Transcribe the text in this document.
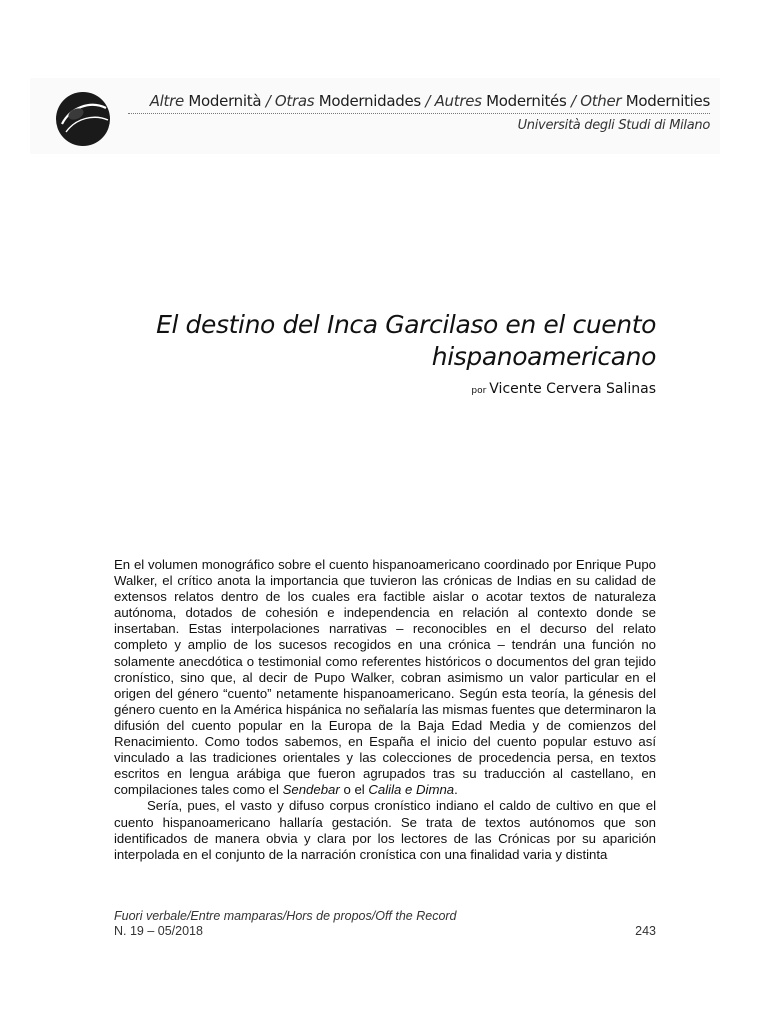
Altre Modernità / Otras Modernidades / Autres Modernités / Other Modernities
Università degli Studi di Milano
El destino del Inca Garcilaso en el cuento
hispanoamericano
por Vicente Cervera Salinas

En el volumen monográfico sobre el cuento hispanoamericano coordinado por Enrique Pupo Walker, el crítico anota la importancia que tuvieron las crónicas de Indias en su calidad de extensos relatos dentro de los cuales era factible aislar o acotar textos de naturaleza autónoma, dotados de cohesión e independencia en relación al contexto donde se insertaban. Estas interpolaciones narrativas – reconocibles en el decurso del relato completo y amplio de los sucesos recogidos en una crónica – tendrán una función no solamente anecdótica o testimonial como referentes históricos o documentos del gran tejido cronístico, sino que, al decir de Pupo Walker, cobran asimismo un valor particular en el origen del género “cuento” netamente hispanoamericano. Según esta teoría, la génesis del género cuento en la América hispánica no señalaría las mismas fuentes que determinaron la difusión del cuento popular en la Europa de la Baja Edad Media y de comienzos del Renacimiento. Como todos sabemos, en España el inicio del cuento popular estuvo así vinculado a las tradiciones orientales y las colecciones de procedencia persa, en textos escritos en lengua arábiga que fueron agrupados tras su traducción al castellano, en compilaciones tales como el Sendebar o el Calila e Dimna.

Sería, pues, el vasto y difuso corpus cronístico indiano el caldo de cultivo en que el cuento hispanoamericano hallaría gestación. Se trata de textos autónomos que son identificados de manera obvia y clara por los lectores de las Crónicas por su aparición interpolada en el conjunto de la narración cronística con una finalidad varia y distinta

Fuori verbale/Entre mamparas/Hors de propos/Off the Record
N. 19 – 05/2018	243
